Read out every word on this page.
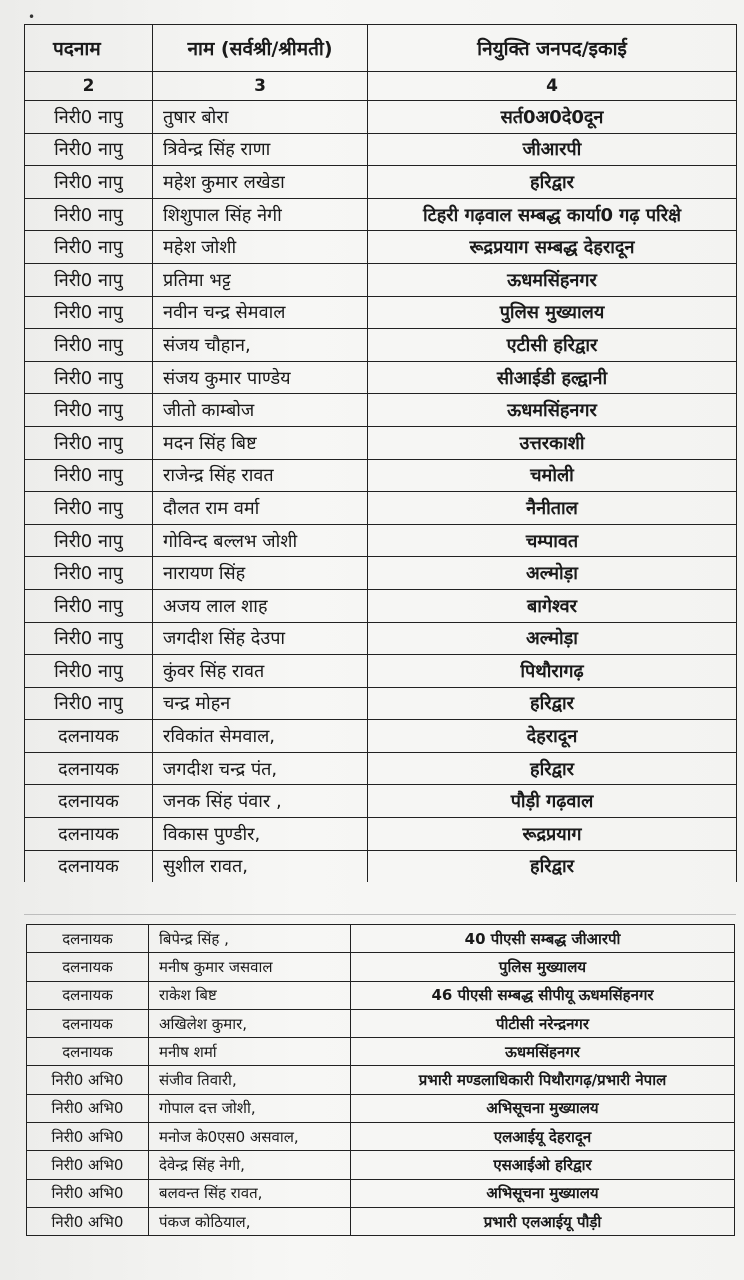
•
पदनाम	नाम (सर्वश्री/श्रीमती)	नियुक्ति जनपद/इकाई
2	3	4
निरी0 नापु	तुषार बोरा	सर्त0अ0दे0दून
निरी0 नापु	त्रिवेन्द्र सिंह राणा	जीआरपी
निरी0 नापु	महेश कुमार लखेडा	हरिद्वार
निरी0 नापु	शिशुपाल सिंह नेगी	टिहरी गढ़वाल सम्बद्ध कार्या0 गढ़ परिक्षे
निरी0 नापु	महेश जोशी	रूद्रप्रयाग सम्बद्ध देहरादून
निरी0 नापु	प्रतिमा भट्ट	ऊधमसिंहनगर
निरी0 नापु	नवीन चन्द्र सेमवाल	पुलिस मुख्यालय
निरी0 नापु	संजय चौहान,	एटीसी हरिद्वार
निरी0 नापु	संजय कुमार पाण्डेय	सीआईडी हल्द्वानी
निरी0 नापु	जीतो काम्बोज	ऊधमसिंहनगर
निरी0 नापु	मदन सिंह बिष्ट	उत्तरकाशी
निरी0 नापु	राजेन्द्र सिंह रावत	चमोली
निरी0 नापु	दौलत राम वर्मा	नैनीताल
निरी0 नापु	गोविन्द बल्लभ जोशी	चम्पावत
निरी0 नापु	नारायण सिंह	अल्मोड़ा
निरी0 नापु	अजय लाल शाह	बागेश्वर
निरी0 नापु	जगदीश सिंह देउपा	अल्मोड़ा
निरी0 नापु	कुंवर सिंह रावत	पिथौरागढ़
निरी0 नापु	चन्द्र मोहन	हरिद्वार
दलनायक	रविकांत सेमवाल,	देहरादून
दलनायक	जगदीश चन्द्र पंत,	हरिद्वार
दलनायक	जनक सिंह पंवार ,	पौड़ी गढ़वाल
दलनायक	विकास पुण्डीर,	रूद्रप्रयाग
दलनायक	सुशील रावत,	हरिद्वार
दलनायक	बिपेन्द्र सिंह ,	40 पीएसी सम्बद्ध जीआरपी
दलनायक	मनीष कुमार जसवाल	पुलिस मुख्यालय
दलनायक	राकेश बिष्ट	46 पीएसी सम्बद्ध सीपीयू ऊधमसिंहनगर
दलनायक	अखिलेश कुमार,	पीटीसी नरेन्द्रनगर
दलनायक	मनीष शर्मा	ऊधमसिंहनगर
निरी0 अभि0	संजीव तिवारी,	प्रभारी मण्डलाधिकारी पिथौरागढ़/प्रभारी नेपाल
निरी0 अभि0	गोपाल दत्त जोशी,	अभिसूचना मुख्यालय
निरी0 अभि0	मनोज के0एस0 असवाल,	एलआईयू देहरादून
निरी0 अभि0	देवेन्द्र सिंह नेगी,	एसआईओ हरिद्वार
निरी0 अभि0	बलवन्त सिंह रावत,	अभिसूचना मुख्यालय
निरी0 अभि0	पंकज कोठियाल,	प्रभारी एलआईयू पौड़ी
